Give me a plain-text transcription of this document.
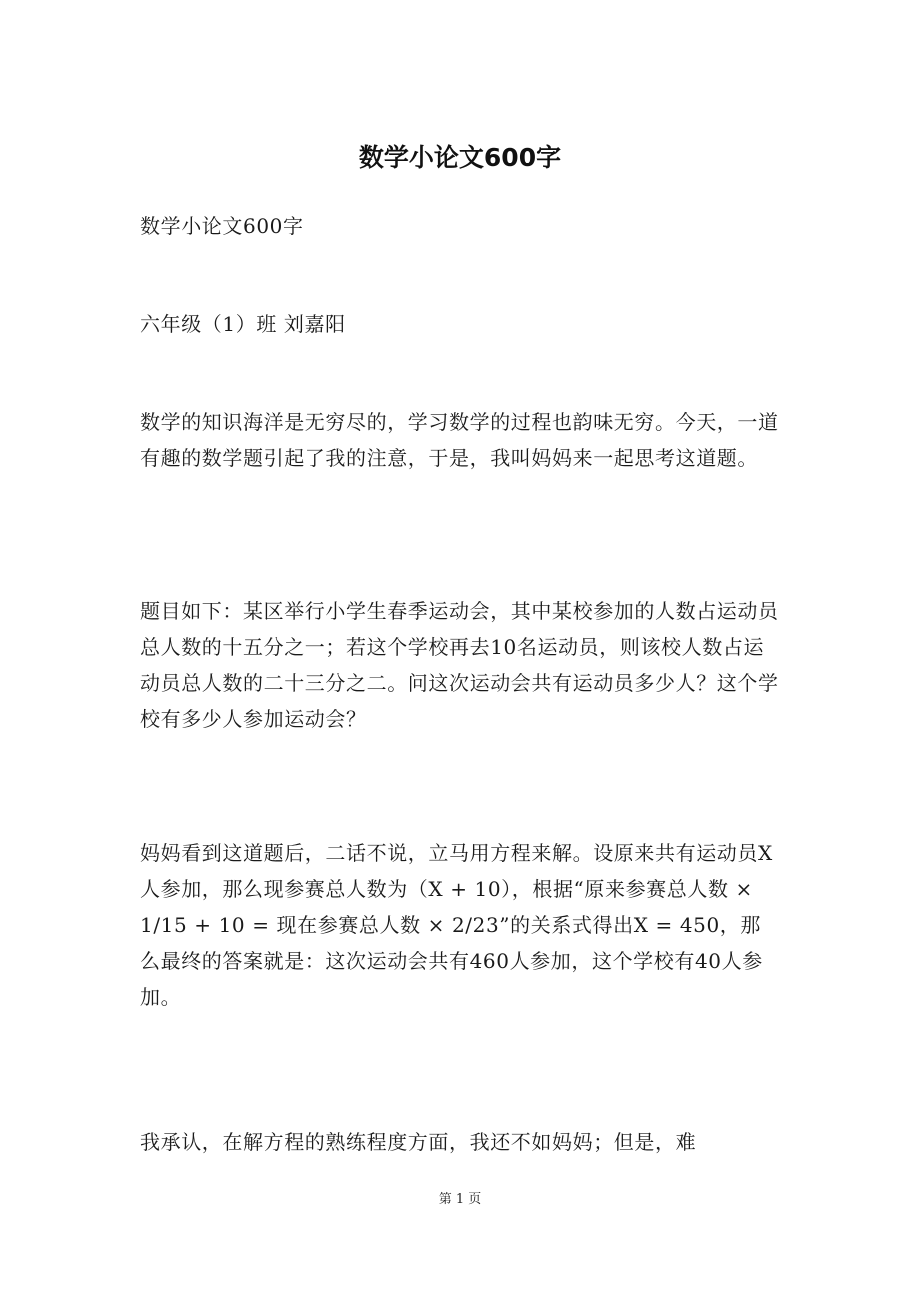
数学小论文600字

数学小论文600字

六年级（1）班 刘嘉阳

数学的知识海洋是无穷尽的，学习数学的过程也韵味无穷。今天，一道有趣的数学题引起了我的注意，于是，我叫妈妈来一起思考这道题。

题目如下：某区举行小学生春季运动会，其中某校参加的人数占运动员总人数的十五分之一；若这个学校再去10名运动员，则该校人数占运动员总人数的二十三分之二。问这次运动会共有运动员多少人？这个学校有多少人参加运动会？

妈妈看到这道题后，二话不说，立马用方程来解。设原来共有运动员X人参加，那么现参赛总人数为（X + 10），根据“原来参赛总人数 × 1/15 + 10 = 现在参赛总人数 × 2/23”的关系式得出X = 450，那么最终的答案就是：这次运动会共有460人参加，这个学校有40人参加。

我承认，在解方程的熟练程度方面，我还不如妈妈；但是，难

第 1 页
